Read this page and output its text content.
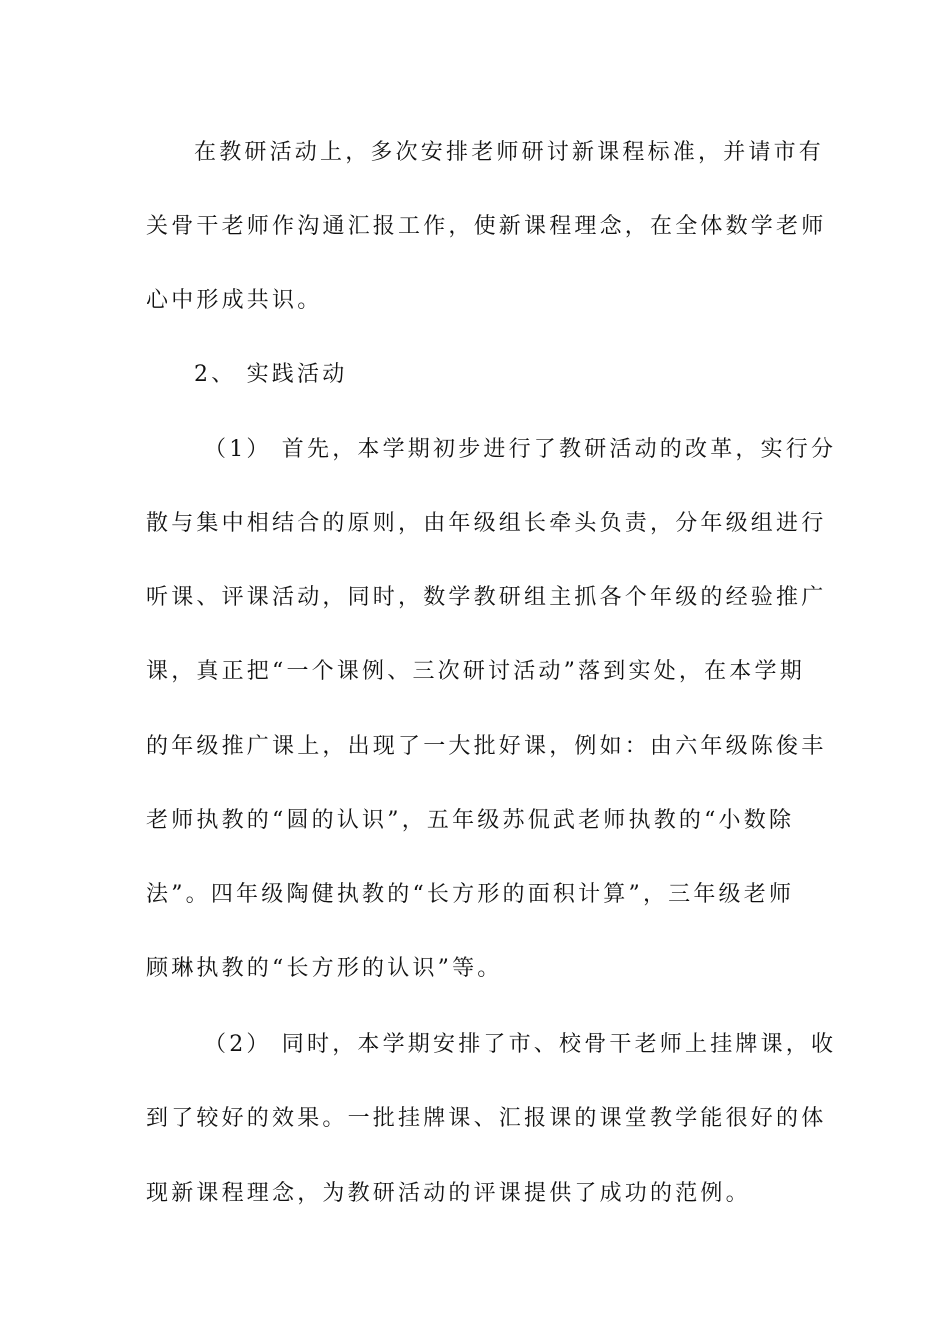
在教研活动上，多次安排老师研讨新课程标准，并请市有
关骨干老师作沟通汇报工作，使新课程理念，在全体数学老师
心中形成共识。
2、 实践活动
（1） 首先，本学期初步进行了教研活动的改革，实行分
散与集中相结合的原则，由年级组长牵头负责，分年级组进行
听课、评课活动，同时，数学教研组主抓各个年级的经验推广
课，真正把“一个课例、三次研讨活动”落到实处，在本学期
的年级推广课上，出现了一大批好课，例如：由六年级陈俊丰
老师执教的“圆的认识”，五年级苏侃武老师执教的“小数除
法”。四年级陶健执教的“长方形的面积计算”，三年级老师
顾琳执教的“长方形的认识”等。
（2） 同时，本学期安排了市、校骨干老师上挂牌课，收
到了较好的效果。一批挂牌课、汇报课的课堂教学能很好的体
现新课程理念，为教研活动的评课提供了成功的范例。
